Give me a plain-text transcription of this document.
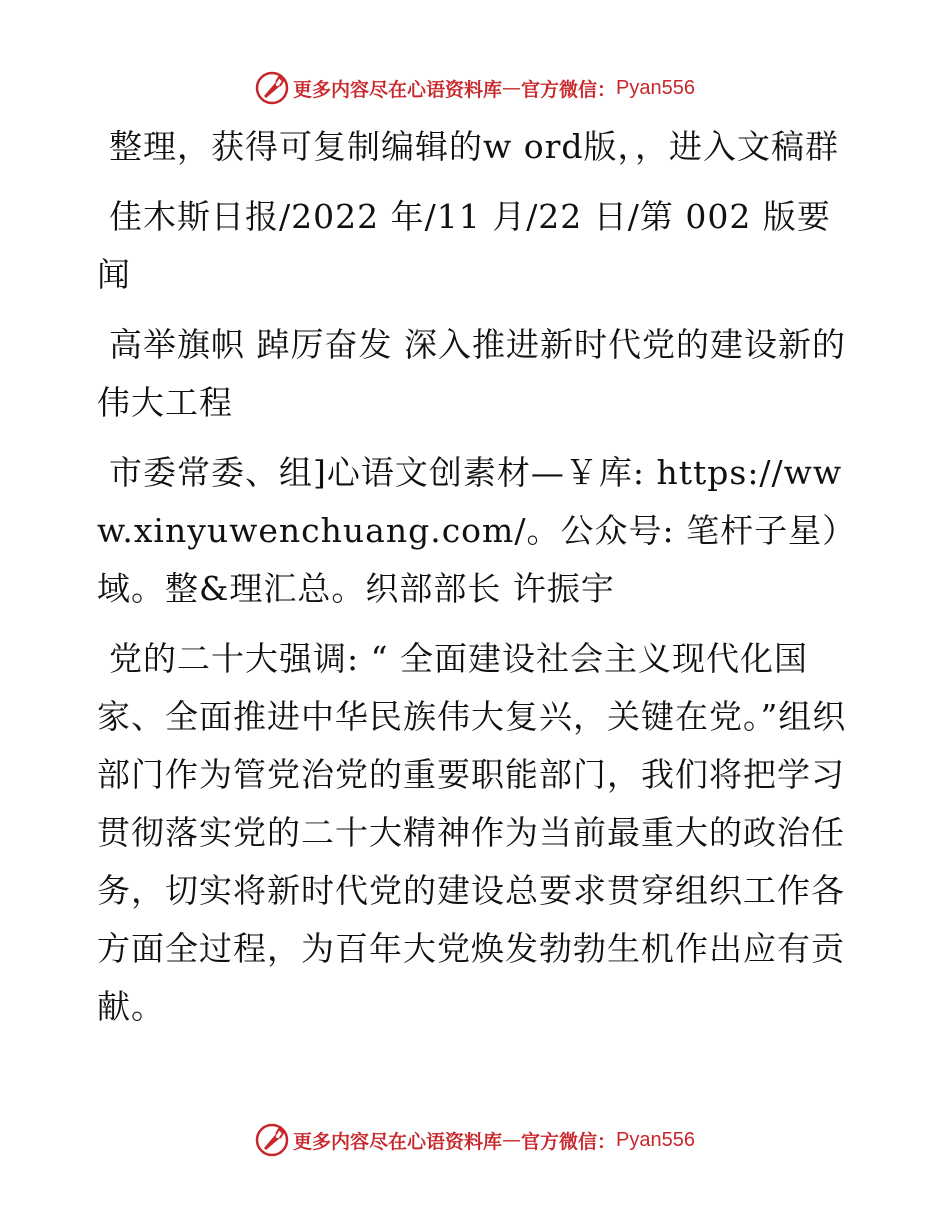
更多内容尽在心语资料库 — 官方微信： Pyan556

整理，获得可复制编辑的w ord版，，进入文稿群

佳木斯日报/2022 年/11 月/22 日/第 002 版要闻

高举旗帜 踔厉奋发 深入推进新时代党的建设新的伟大工程

市委常委、组]心语文创素材—￥库: https://www.xinyuwenchuang.com/。公众号: 笔杆子星）域。整&理汇总。织部部长 许振宇

党的二十大强调: “ 全面建设社会主义现代化国家、全面推进中华民族伟大复兴，关键在党。”组织部门作为管党治党的重要职能部门，我们将把学习贯彻落实党的二十大精神作为当前最重大的政治任务，切实将新时代党的建设总要求贯穿组织工作各方面全过程，为百年大党焕发勃勃生机作出应有贡献。

更多内容尽在心语资料库 — 官方微信： Pyan556
